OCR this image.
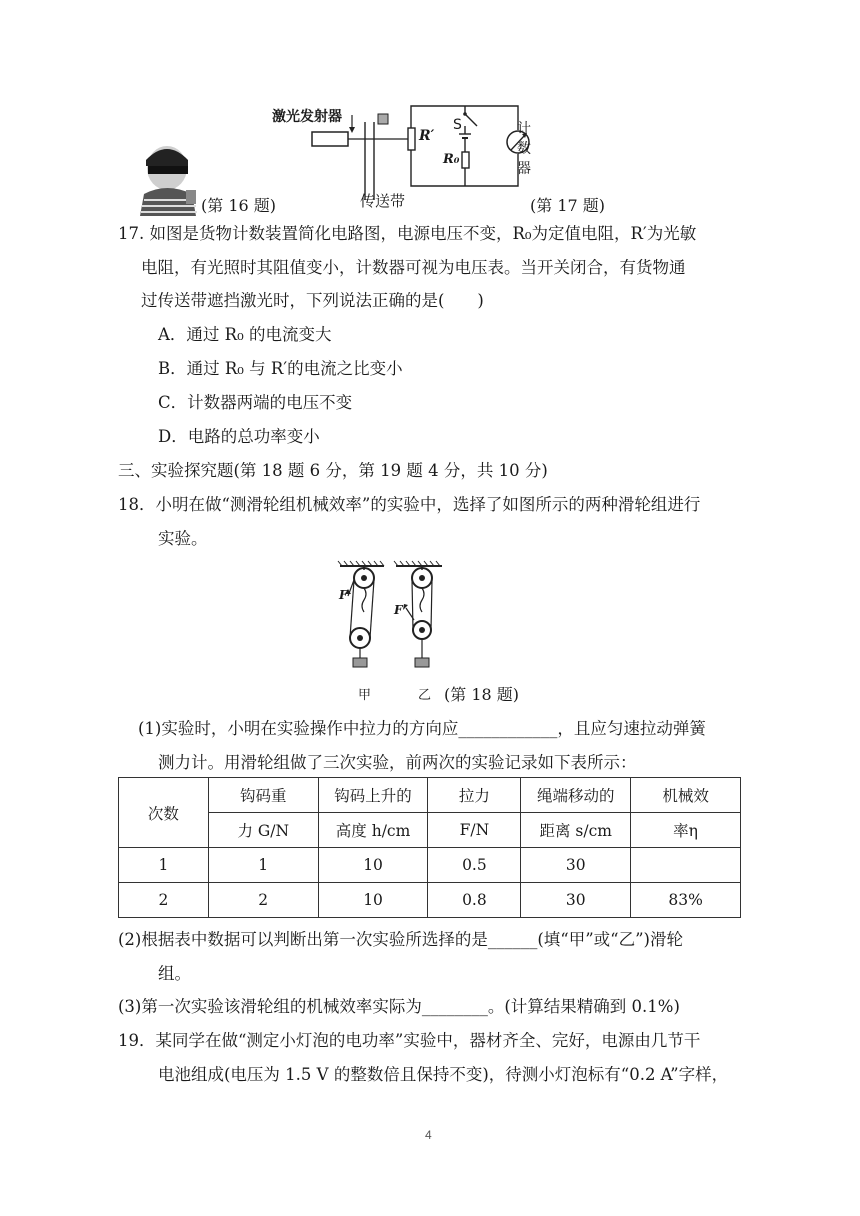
(第 16 题)
激光发射器
传送带
R′
S
R₀
计
数
器
(第 17 题)
17. 如图是货物计数装置简化电路图，电源电压不变，R₀为定值电阻，R′为光敏
电阻，有光照时其阻值变小，计数器可视为电压表。当开关闭合，有货物通
过传送带遮挡激光时，下列说法正确的是(　　)
A．通过 R₀ 的电流变大
B．通过 R₀ 与 R′的电流之比变小
C．计数器两端的电压不变
D．电路的总功率变小
三、实验探究题(第 18 题 6 分，第 19 题 4 分，共 10 分)
18．小明在做“测滑轮组机械效率”的实验中，选择了如图所示的两种滑轮组进行
实验。
F
F
甲	乙 (第 18 题)
(1)实验时，小明在实验操作中拉力的方向应____________，且应匀速拉动弹簧
测力计。用滑轮组做了三次实验，前两次的实验记录如下表所示：
次数	钩码重	钩码上升的	拉力	绳端移动的	机械效
	力 G/N	高度 h/cm	F/N	距离 s/cm	率η
1	1	10	0.5	30	
2	2	10	0.8	30	83%
(2)根据表中数据可以判断出第一次实验所选择的是______(填“甲”或“乙”)滑轮
组。
(3)第一次实验该滑轮组的机械效率实际为________。(计算结果精确到 0.1%)
19．某同学在做“测定小灯泡的电功率”实验中，器材齐全、完好，电源由几节干
电池组成(电压为 1.5 V 的整数倍且保持不变)，待测小灯泡标有“0.2 A”字样，
4
